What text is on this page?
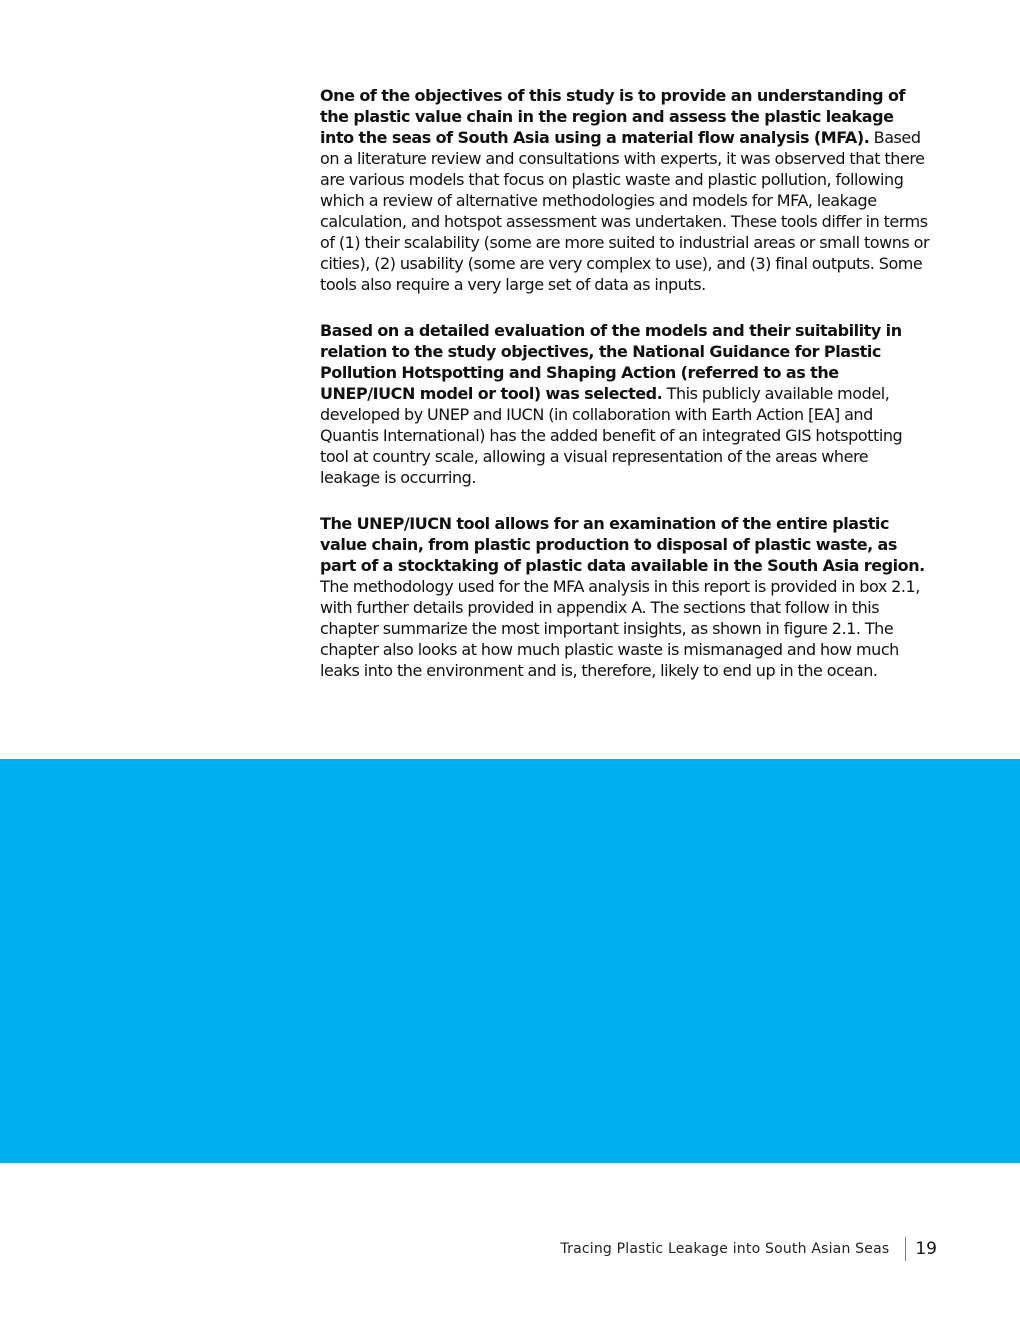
One of the objectives of this study is to provide an understanding of the plastic value chain in the region and assess the plastic leakage into the seas of South Asia using a material flow analysis (MFA). Based on a literature review and consultations with experts, it was observed that there are various models that focus on plastic waste and plastic pollution, following which a review of alternative methodologies and models for MFA, leakage calculation, and hotspot assessment was undertaken. These tools differ in terms of (1) their scalability (some are more suited to industrial areas or small towns or cities), (2) usability (some are very complex to use), and (3) final outputs. Some tools also require a very large set of data as inputs.

Based on a detailed evaluation of the models and their suitability in relation to the study objectives, the National Guidance for Plastic Pollution Hotspotting and Shaping Action (referred to as the UNEP/IUCN model or tool) was selected. This publicly available model, developed by UNEP and IUCN (in collaboration with Earth Action [EA] and Quantis International) has the added benefit of an integrated GIS hotspotting tool at country scale, allowing a visual representation of the areas where leakage is occurring.

The UNEP/IUCN tool allows for an examination of the entire plastic value chain, from plastic production to disposal of plastic waste, as part of a stocktaking of plastic data available in the South Asia region. The methodology used for the MFA analysis in this report is provided in box 2.1, with further details provided in appendix A. The sections that follow in this chapter summarize the most important insights, as shown in figure 2.1. The chapter also looks at how much plastic waste is mismanaged and how much leaks into the environment and is, therefore, likely to end up in the ocean.

Tracing Plastic Leakage into South Asian Seas	19
